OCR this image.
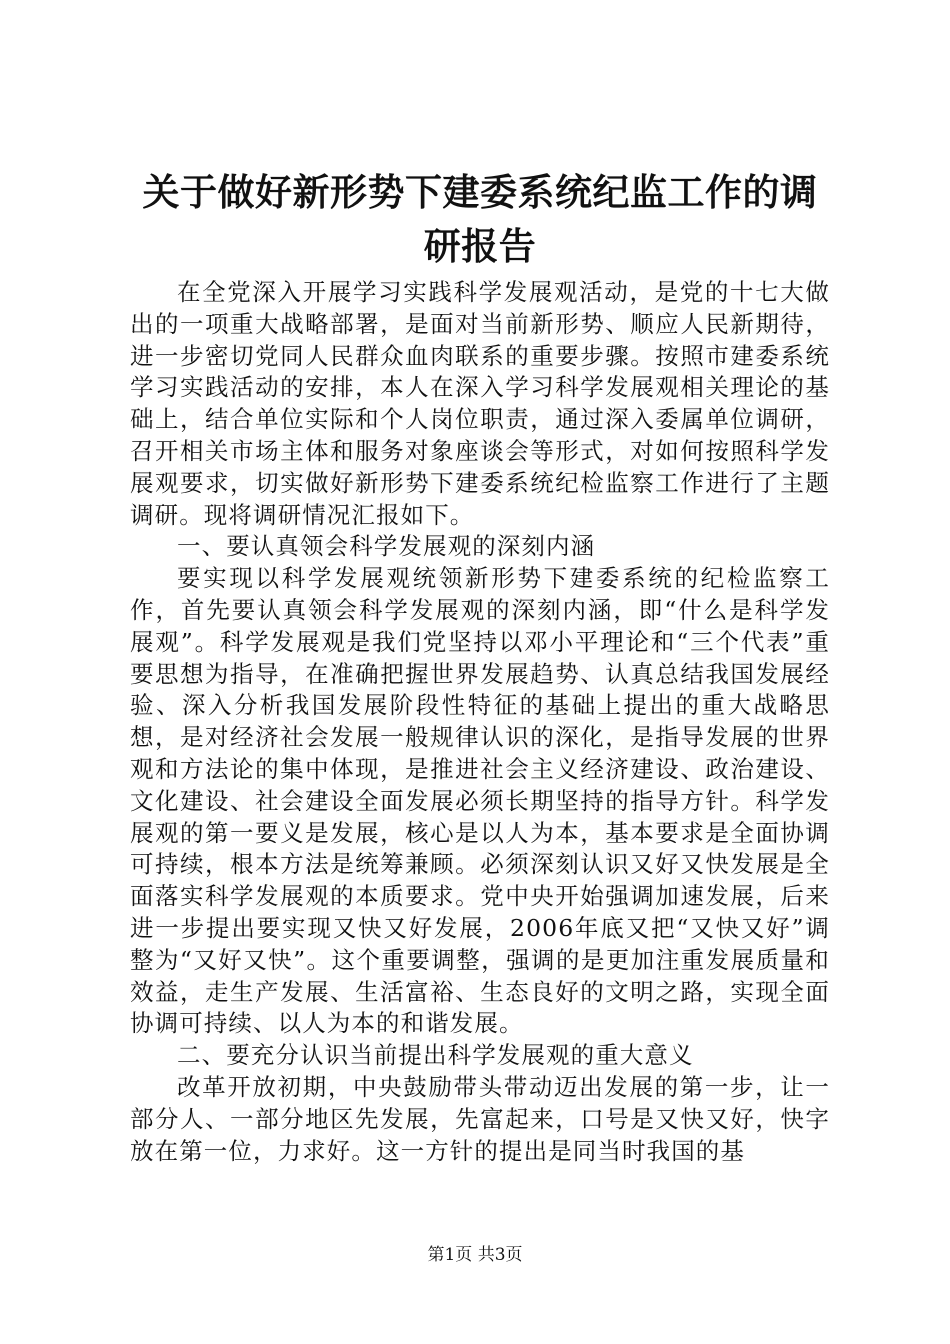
关于做好新形势下建委系统纪监工作的调研报告

在全党深入开展学习实践科学发展观活动，是党的十七大做出的一项重大战略部署，是面对当前新形势、顺应人民新期待，进一步密切党同人民群众血肉联系的重要步骤。按照市建委系统学习实践活动的安排，本人在深入学习科学发展观相关理论的基础上，结合单位实际和个人岗位职责，通过深入委属单位调研，召开相关市场主体和服务对象座谈会等形式，对如何按照科学发展观要求，切实做好新形势下建委系统纪检监察工作进行了主题调研。现将调研情况汇报如下。

一、要认真领会科学发展观的深刻内涵

要实现以科学发展观统领新形势下建委系统的纪检监察工作，首先要认真领会科学发展观的深刻内涵，即“什么是科学发展观”。科学发展观是我们党坚持以邓小平理论和“三个代表”重要思想为指导，在准确把握世界发展趋势、认真总结我国发展经验、深入分析我国发展阶段性特征的基础上提出的重大战略思想，是对经济社会发展一般规律认识的深化，是指导发展的世界观和方法论的集中体现，是推进社会主义经济建设、政治建设、文化建设、社会建设全面发展必须长期坚持的指导方针。科学发展观的第一要义是发展，核心是以人为本，基本要求是全面协调可持续，根本方法是统筹兼顾。必须深刻认识又好又快发展是全面落实科学发展观的本质要求。党中央开始强调加速发展，后来进一步提出要实现又快又好发展，2006年底又把“又快又好”调整为“又好又快”。这个重要调整，强调的是更加注重发展质量和效益，走生产发展、生活富裕、生态良好的文明之路，实现全面协调可持续、以人为本的和谐发展。

二、要充分认识当前提出科学发展观的重大意义

改革开放初期，中央鼓励带头带动迈出发展的第一步，让一部分人、一部分地区先发展，先富起来，口号是又快又好，快字放在第一位，力求好。这一方针的提出是同当时我国的基

第1页 共3页
